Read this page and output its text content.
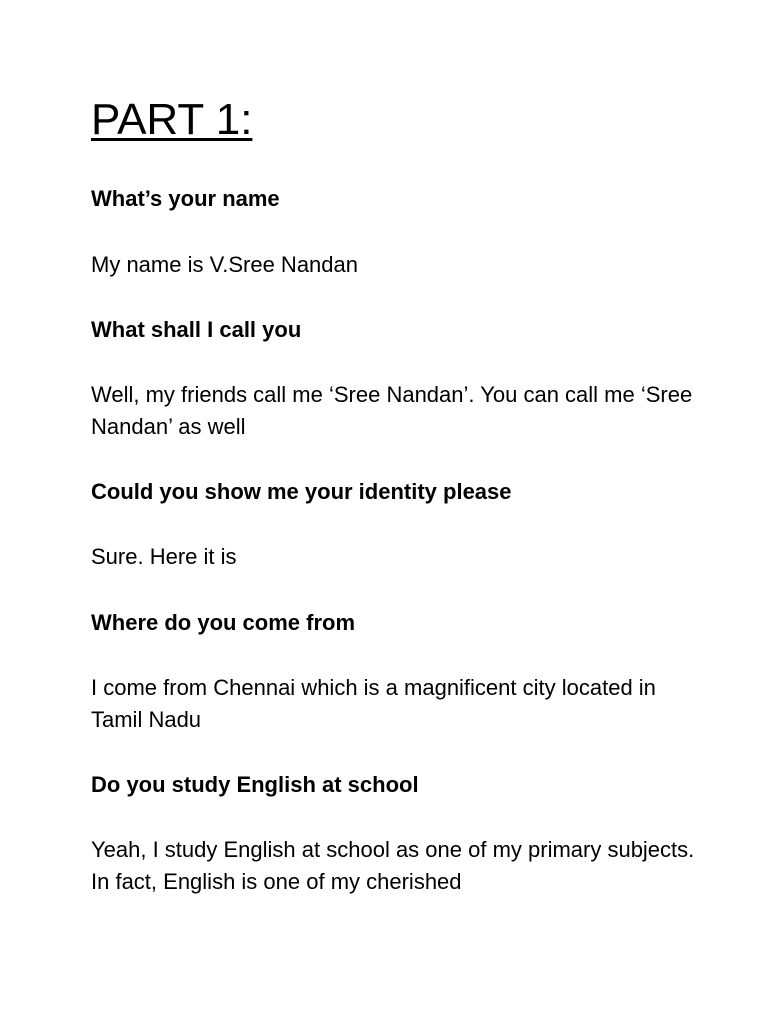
PART 1:

What’s your name

My name is V.Sree Nandan

What shall I call you

Well, my friends call me ‘Sree Nandan’. You can call me ‘Sree Nandan’ as well

Could you show me your identity please

Sure. Here it is

Where do you come from

I come from Chennai which is a magnificent city located in Tamil Nadu

Do you study English at school

Yeah, I study English at school as one of my primary subjects. In fact, English is one of my cherished
